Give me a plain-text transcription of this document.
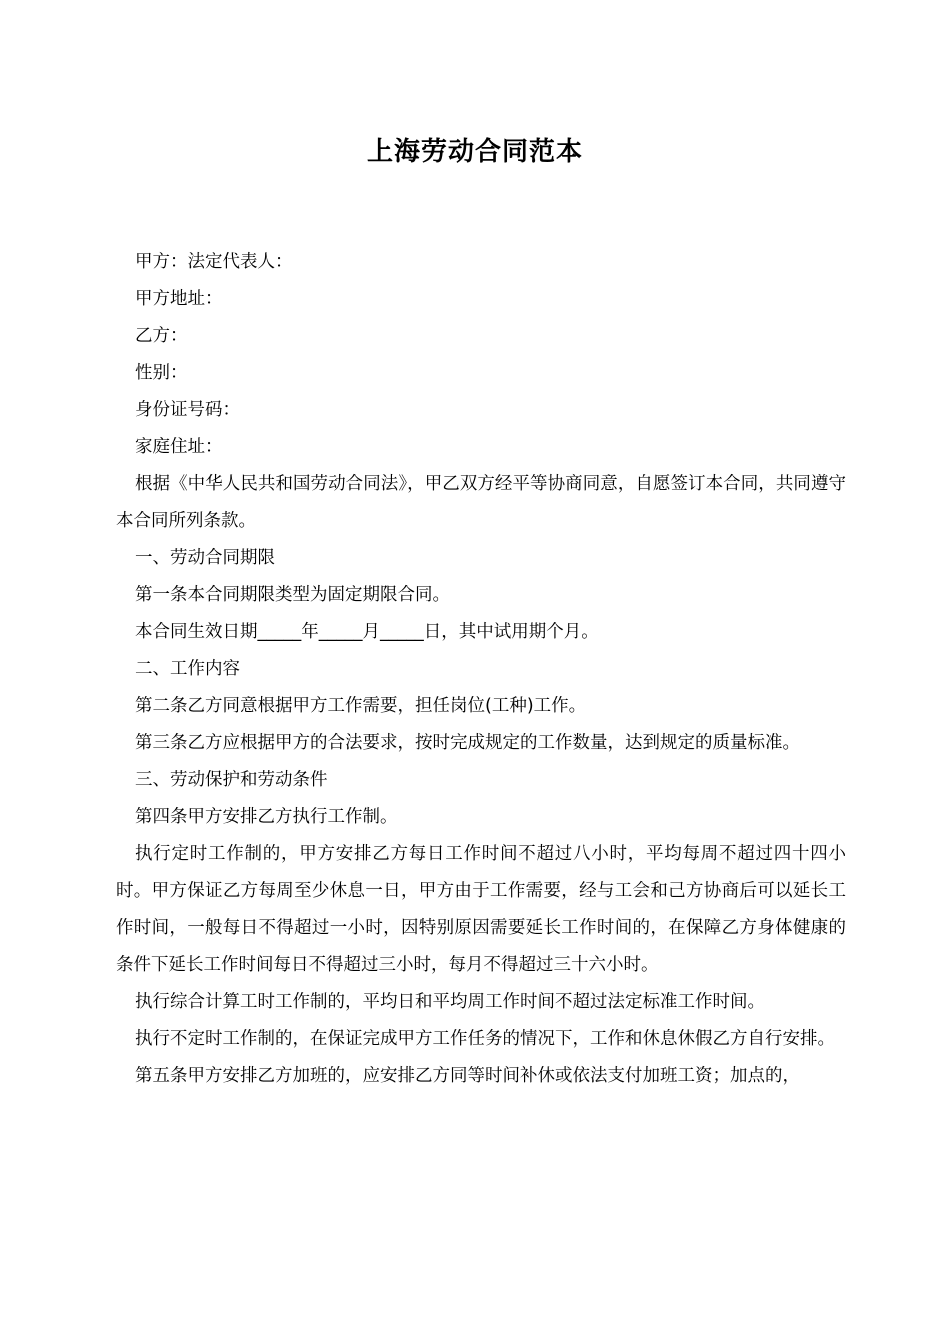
上海劳动合同范本

甲方：法定代表人：

甲方地址：

乙方：

性别：

身份证号码：

家庭住址：

根据《中华人民共和国劳动合同法》，甲乙双方经平等协商同意，自愿签订本合同，共同遵守本合同所列条款。

一、劳动合同期限

第一条本合同期限类型为固定期限合同。

本合同生效日期_____年_____月_____日，其中试用期个月。

二、工作内容

第二条乙方同意根据甲方工作需要，担任岗位(工种)工作。

第三条乙方应根据甲方的合法要求，按时完成规定的工作数量，达到规定的质量标准。

三、劳动保护和劳动条件

第四条甲方安排乙方执行工作制。

执行定时工作制的，甲方安排乙方每日工作时间不超过八小时，平均每周不超过四十四小时。甲方保证乙方每周至少休息一日，甲方由于工作需要，经与工会和己方协商后可以延长工作时间，一般每日不得超过一小时，因特别原因需要延长工作时间的，在保障乙方身体健康的条件下延长工作时间每日不得超过三小时，每月不得超过三十六小时。

执行综合计算工时工作制的，平均日和平均周工作时间不超过法定标准工作时间。

执行不定时工作制的，在保证完成甲方工作任务的情况下，工作和休息休假乙方自行安排。

第五条甲方安排乙方加班的，应安排乙方同等时间补休或依法支付加班工资；加点的，
